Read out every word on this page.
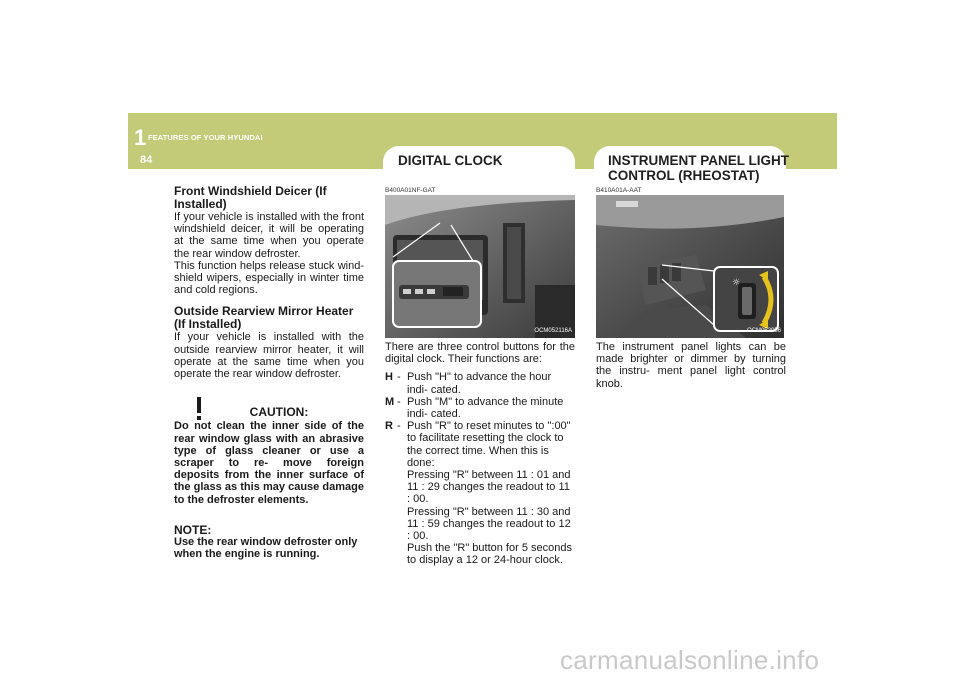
1 FEATURES OF YOUR HYUNDAI
84	DIGITAL CLOCK	INSTRUMENT PANEL LIGHT
CONTROL (RHEOSTAT)
Front Windshield Deicer (If Installed)

If your vehicle is installed with the front windshield deicer, it will be operating at the same time when you operate the rear window defroster.

This function helps release stuck wind- shield wipers, especially in winter time and cold regions.

Outside Rearview Mirror Heater (If Installed)

If your vehicle is installed with the outside rearview mirror heater, it will operate at the same time when you operate the rear window defroster.

CAUTION:

Do not clean the inner side of the rear window glass with an abrasive type of glass cleaner or use a scraper to re- move foreign deposits from the inner surface of the glass as this may cause damage to the defroster elements.

NOTE:

Use the rear window defroster only when the engine is running.

B400A01NF-GAT
OCM052116A

There are three control buttons for the digital clock. Their functions are:

H - Push "H" to advance the hour indi- cated.
M - Push "M" to advance the minute indi- cated.
R - Push "R" to reset minutes to ":00" to facilitate resetting the clock to the correct time. When this is done:

Pressing "R" between 11 : 01 and 11 : 29 changes the readout to 11 : 00.

Pressing "R" between 11 : 30 and 11 : 59 changes the readout to 12 : 00.

Push the "R" button for 5 seconds to display a 12 or 24-hour clock.

B410A01A-AAT
☼
OCM052056

The instrument panel lights can be made brighter or dimmer by turning the instru- ment panel light control knob.

carmanualsonline.info
